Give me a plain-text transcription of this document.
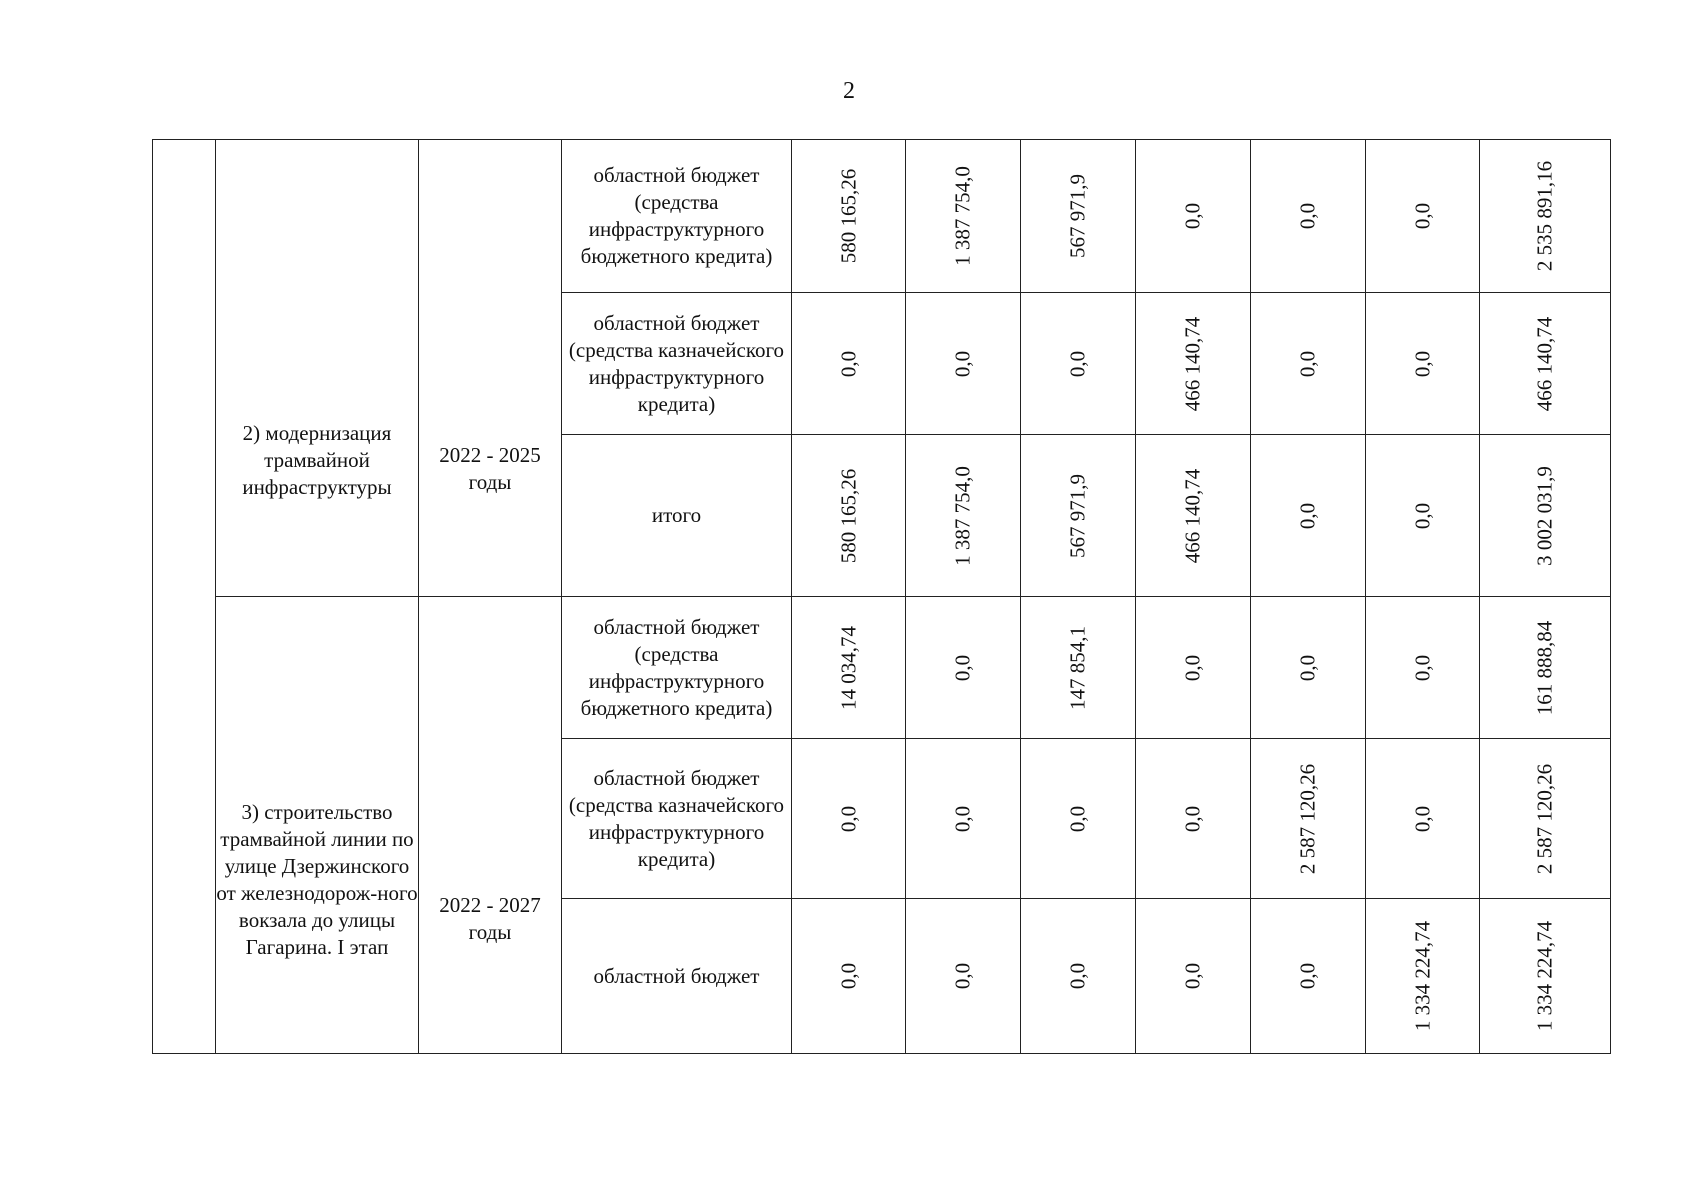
2

	2) модернизация трамвайной инфраструктуры	2022 - 2025 годы	областной бюджет (средства инфраструктурного бюджетного кредита)	580 165,26	1 387 754,0	567 971,9	0,0	0,0	0,0	2 535 891,16

			областной бюджет (средства казначейского инфраструктурного кредита)	0,0	0,0	0,0	466 140,74	0,0	0,0	466 140,74

			итого	580 165,26	1 387 754,0	567 971,9	466 140,74	0,0	0,0	3 002 031,9

	3) строительство трамвайной линии по улице Дзержинского от железнодорож-ного вокзала до улицы Гагарина. I этап	2022 - 2027 годы	областной бюджет (средства инфраструктурного бюджетного кредита)	14 034,74	0,0	147 854,1	0,0	0,0	0,0	161 888,84

			областной бюджет (средства казначейского инфраструктурного кредита)	0,0	0,0	0,0	0,0	2 587 120,26	0,0	2 587 120,26

			областной бюджет	0,0	0,0	0,0	0,0	0,0	1 334 224,74	1 334 224,74
